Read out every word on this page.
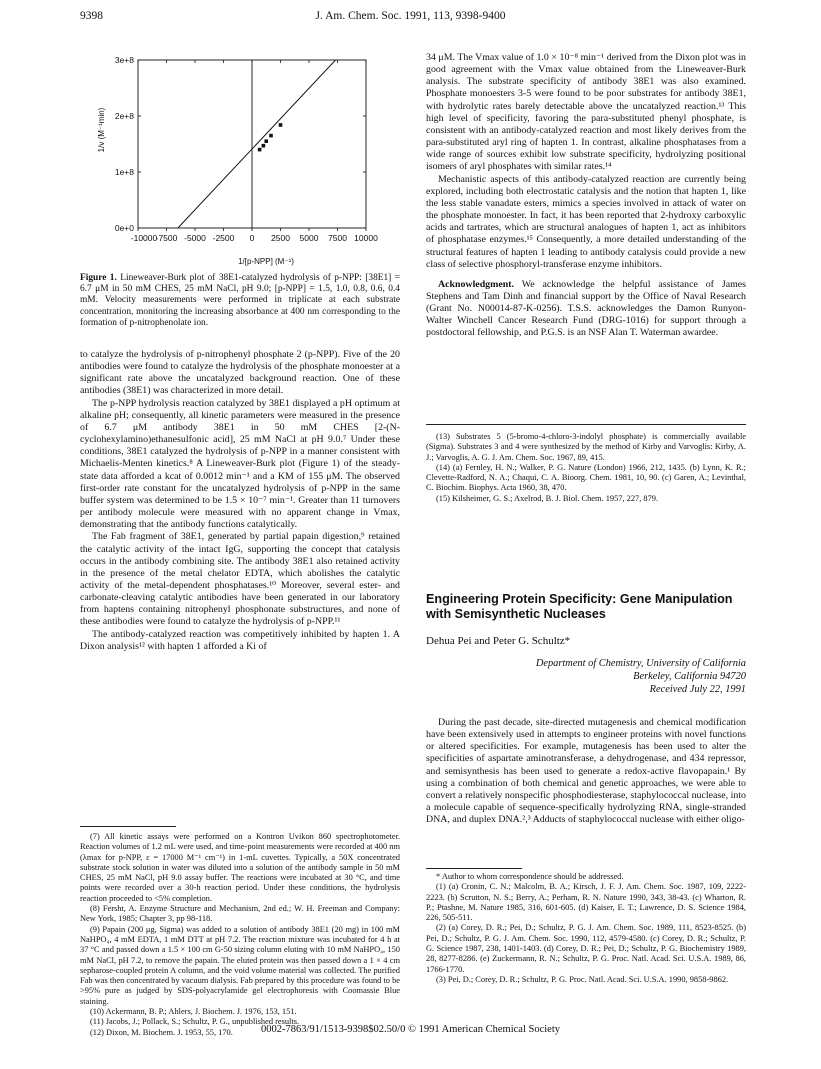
9398	J. Am. Chem. Soc. 1991, 113, 9398-9400
-10000
-7500 -5000 -2500 0 2500 5000 7500 10000
0e+0
1e+8
2e+8
3e+8
1/[p-NPP] (M⁻¹)
1/v (M⁻¹min)

Figure 1. Lineweaver-Burk plot of 38E1-catalyzed hydrolysis of p-NPP: [38E1] = 6.7 μM in 50 mM CHES, 25 mM NaCl, pH 9.0; [p-NPP] = 1.5, 1.0, 0.8, 0.6, 0.4 mM. Velocity measurements were performed in triplicate at each substrate concentration, monitoring the increasing absorbance at 400 nm corresponding to the formation of p-nitrophenolate ion.

to catalyze the hydrolysis of p-nitrophenyl phosphate 2 (p-NPP). Five of the 20 antibodies were found to catalyze the hydrolysis of the phosphate monoester at a significant rate above the uncatalyzed background reaction. One of these antibodies (38E1) was characterized in more detail.

The p-NPP hydrolysis reaction catalyzed by 38E1 displayed a pH optimum at alkaline pH; consequently, all kinetic parameters were measured in the presence of 6.7 μM antibody 38E1 in 50 mM CHES [2-(N-cyclohexylamino)ethanesulfonic acid], 25 mM NaCl at pH 9.0.⁷ Under these conditions, 38E1 catalyzed the hydrolysis of p-NPP in a manner consistent with Michaelis-Menten kinetics.⁸ A Lineweaver-Burk plot (Figure 1) of the steady-state data afforded a kcat of 0.0012 min⁻¹ and a KM of 155 μM. The observed first-order rate constant for the uncatalyzed hydrolysis of p-NPP in the same buffer system was determined to be 1.5 × 10⁻⁷ min⁻¹. Greater than 11 turnovers per antibody molecule were measured with no apparent change in Vmax, demonstrating that the antibody functions catalytically.

The Fab fragment of 38E1, generated by partial papain digestion,⁹ retained the catalytic activity of the intact IgG, supporting the concept that catalysis occurs in the antibody combining site. The antibody 38E1 also retained activity in the presence of the metal chelator EDTA, which abolishes the catalytic activity of the metal-dependent phosphatases.¹⁰ Moreover, several ester- and carbonate-cleaving catalytic antibodies have been generated in our laboratory from haptens containing nitrophenyl phosphonate substructures, and none of these antibodies were found to catalyze the hydrolysis of p-NPP.¹¹

The antibody-catalyzed reaction was competitively inhibited by hapten 1. A Dixon analysis¹² with hapten 1 afforded a Ki of

(7) All kinetic assays were performed on a Kontron Uvikon 860 spectrophotometer. Reaction volumes of 1.2 mL were used, and time-point measurements were recorded at 400 nm (λmax for p-NPP, ε = 17000 M⁻¹ cm⁻¹) in 1-mL cuvettes. Typically, a 50X concentrated substrate stock solution in water was diluted into a solution of the antibody sample in 50 mM CHES, 25 mM NaCl, pH 9.0 assay buffer. The reactions were incubated at 30 °C, and time points were recorded over a 30-h reaction period. Under these conditions, the hydrolysis reaction proceeded to <5% completion.

(8) Fersht, A. Enzyme Structure and Mechanism, 2nd ed.; W. H. Freeman and Company: New York, 1985; Chapter 3, pp 98-118.

(9) Papain (200 μg, Sigma) was added to a solution of antibody 38E1 (20 mg) in 100 mM NaHPO₄, 4 mM EDTA, 1 mM DTT at pH 7.2. The reaction mixture was incubated for 4 h at 37 °C and passed down a 1.5 × 100 cm G-50 sizing column eluting with 10 mM NaHPO₄, 150 mM NaCl, pH 7.2, to remove the papain. The eluted protein was then passed down a 1 × 4 cm sepharose-coupled protein A column, and the void volume material was collected. The purified Fab was then concentrated by vacuum dialysis. Fab prepared by this procedure was found to be >95% pure as judged by SDS-polyacrylamide gel electrophoresis with Coomassie Blue staining.

(10) Ackermann, B. P.; Ahlers, J. Biochem. J. 1976, 153, 151.

(11) Jacobs, J.; Pollack, S.; Schultz, P. G., unpublished results.

(12) Dixon, M. Biochem. J. 1953, 55, 170.

34 μM. The Vmax value of 1.0 × 10⁻⁸ min⁻¹ derived from the Dixon plot was in good agreement with the Vmax value obtained from the Lineweaver-Burk analysis. The substrate specificity of antibody 38E1 was also examined. Phosphate monoesters 3-5 were found to be poor substrates for antibody 38E1, with hydrolytic rates barely detectable above the uncatalyzed reaction.¹³ This high level of specificity, favoring the para-substituted phenyl phosphate, is consistent with an antibody-catalyzed reaction and most likely derives from the para-substituted aryl ring of hapten 1. In contrast, alkaline phosphatases from a wide range of sources exhibit low substrate specificity, hydrolyzing positional isomers of aryl phosphates with similar rates.¹⁴

Mechanistic aspects of this antibody-catalyzed reaction are currently being explored, including both electrostatic catalysis and the notion that hapten 1, like the less stable vanadate esters, mimics a species involved in attack of water on the phosphate monoester. In fact, it has been reported that 2-hydroxy carboxylic acids and tartrates, which are structural analogues of hapten 1, act as inhibitors of phosphatase enzymes.¹⁵ Consequently, a more detailed understanding of the structural features of hapten 1 leading to antibody catalysis could provide a new class of selective phosphoryl-transferase enzyme inhibitors.

Acknowledgment. We acknowledge the helpful assistance of James Stephens and Tam Dinh and financial support by the Office of Naval Research (Grant No. N00014-87-K-0256). T.S.S. acknowledges the Damon Runyon-Walter Winchell Cancer Research Fund (DRG-1016) for support through a postdoctoral fellowship, and P.G.S. is an NSF Alan T. Waterman awardee.

(13) Substrates 5 (5-bromo-4-chloro-3-indolyl phosphate) is commercially available (Sigma). Substrates 3 and 4 were synthesized by the method of Kirby and Varvoglis: Kirby, A. J.; Varvoglis, A. G. J. Am. Chem. Soc. 1967, 89, 415.

(14) (a) Fernley, H. N.; Walker, P. G. Nature (London) 1966, 212, 1435. (b) Lynn, K. R.; Clevette-Radford, N. A.; Chaqui, C. A. Bioorg. Chem. 1981, 10, 90. (c) Garen, A.; Levinthal, C. Biochim. Biophys. Acta 1960, 38, 470.

(15) Kilsheimer, G. S.; Axelrod, B. J. Biol. Chem. 1957, 227, 879.

Engineering Protein Specificity: Gene Manipulation with Semisynthetic Nucleases
Dehua Pei and Peter G. Schultz*
Department of Chemistry, University of California
Berkeley, California 94720
Received July 22, 1991

During the past decade, site-directed mutagenesis and chemical modification have been extensively used in attempts to engineer proteins with novel functions or altered specificities. For example, mutagenesis has been used to alter the specificities of aspartate aminotransferase, a dehydrogenase, and 434 repressor, and semisynthesis has been used to generate a redox-active flavopapain.¹ By using a combination of both chemical and genetic approaches, we were able to convert a relatively nonspecific phosphodiesterase, staphylococcal nuclease, into a molecule capable of sequence-specifically hydrolyzing RNA, single-stranded DNA, and duplex DNA.²,³ Adducts of staphylococcal nuclease with either oligo-

* Author to whom correspondence should be addressed.

(1) (a) Cronin, C. N.; Malcolm, B. A.; Kirsch, J. F. J. Am. Chem. Soc. 1987, 109, 2222-2223. (b) Scrutton, N. S.; Berry, A.; Perham, R. N. Nature 1990, 343, 38-43. (c) Wharton, R. P.; Ptashne, M. Nature 1985, 316, 601-605. (d) Kaiser, E. T.; Lawrence, D. S. Science 1984, 226, 505-511.

(2) (a) Corey, D. R.; Pei, D.; Schultz, P. G. J. Am. Chem. Soc. 1989, 111, 8523-8525. (b) Pei, D.; Schultz, P. G. J. Am. Chem. Soc. 1990, 112, 4579-4580. (c) Corey, D. R.; Schultz, P. G. Science 1987, 238, 1401-1403. (d) Corey, D. R.; Pei, D.; Schultz, P. G. Biochemistry 1989, 28, 8277-8286. (e) Zuckermann, R. N.; Schultz, P. G. Proc. Natl. Acad. Sci. U.S.A. 1989, 86, 1766-1770.

(3) Pei, D.; Corey, D. R.; Schultz, P. G. Proc. Natl. Acad. Sci. U.S.A. 1990, 9858-9862.

0002-7863/91/1513-9398$02.50/0 © 1991 American Chemical Society
